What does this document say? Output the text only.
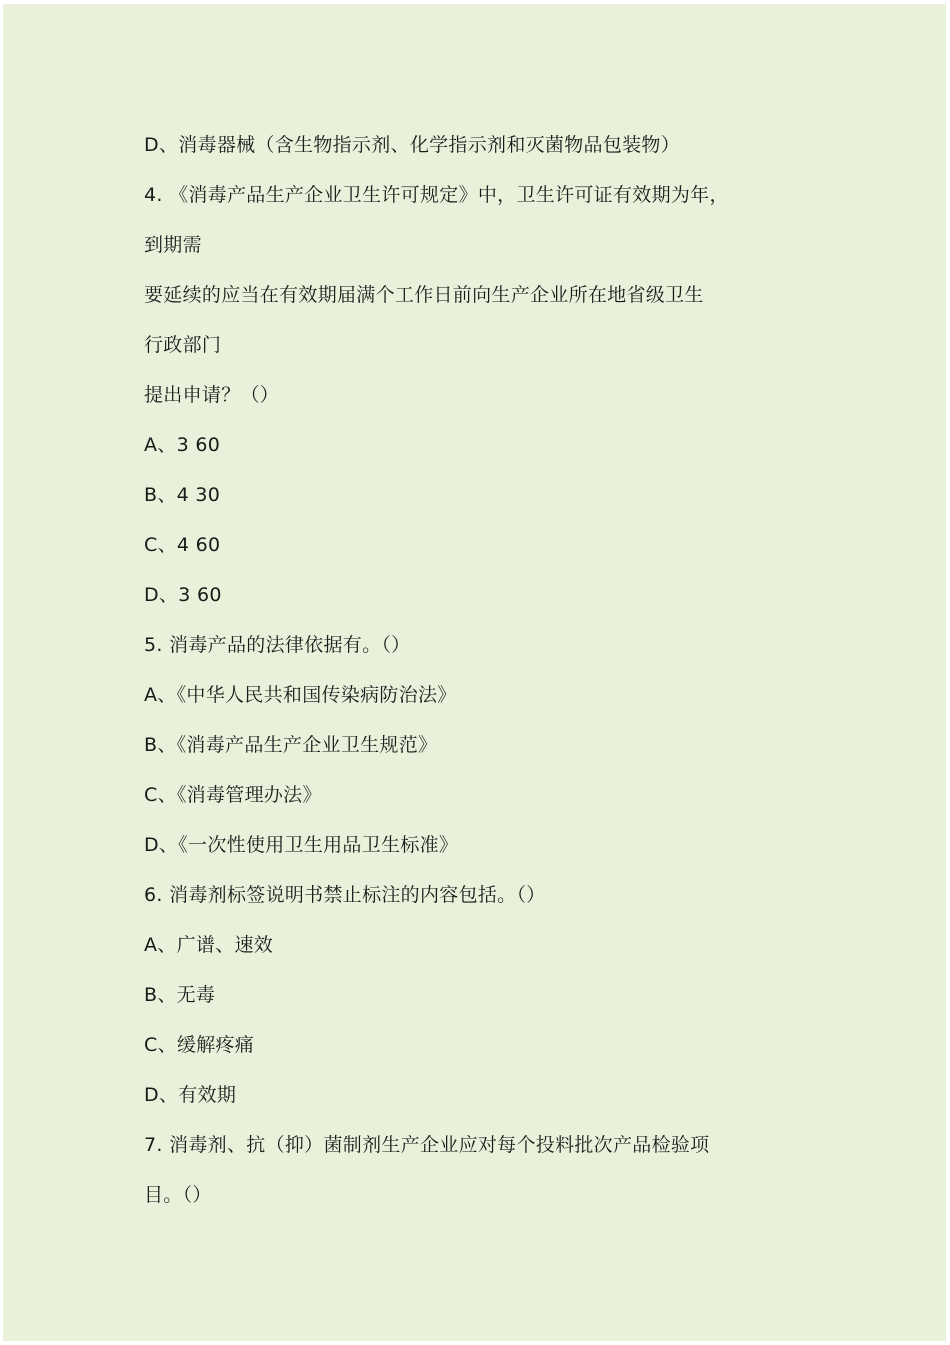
D、消毒器械（含生物指示剂、化学指示剂和灭菌物品包装物）
4. 《消毒产品生产企业卫生许可规定》中，卫生许可证有效期为年，
到期需
要延续的应当在有效期届满个工作日前向生产企业所在地省级卫生
行政部门
提出申请？（）
A、3 60
B、4 30
C、4 60
D、3 60
5. 消毒产品的法律依据有。（）
A、《中华人民共和国传染病防治法》
B、《消毒产品生产企业卫生规范》
C、《消毒管理办法》
D、《一次性使用卫生用品卫生标准》
6. 消毒剂标签说明书禁止标注的内容包括。（）
A、广谱、速效
B、无毒
C、缓解疼痛
D、有效期
7. 消毒剂、抗（抑）菌制剂生产企业应对每个投料批次产品检验项
目。（）
